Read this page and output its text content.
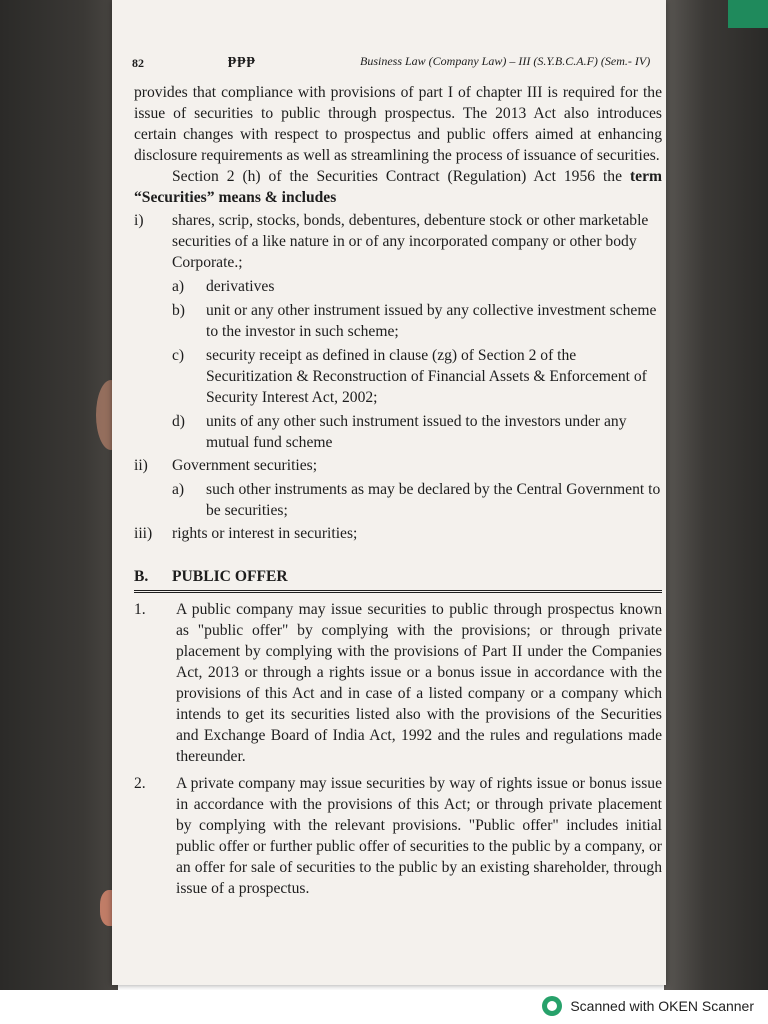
82	ᵽᵽᵽ	Business Law (Company Law) – III (S.Y.B.C.A.F) (Sem.- IV)

provides that compliance with provisions of part I of chapter III is required for the issue of securities to public through prospectus. The 2013 Act also introduces certain changes with respect to prospectus and public offers aimed at enhancing disclosure requirements as well as streamlining the process of issuance of securities.

Section 2 (h) of the Securities Contract (Regulation) Act 1956 the term “Securities” means & includes

i)	shares, scrip, stocks, bonds, debentures, debenture stock or other marketable securities of a like nature in or of any incorporated company or other body Corporate.;
a)	derivatives
b)	unit or any other instrument issued by any collective investment scheme to the investor in such scheme;
c)	security receipt as defined in clause (zg) of Section 2 of the Securitization & Reconstruction of Financial Assets & Enforcement of Security Interest Act, 2002;
d)	units of any other such instrument issued to the investors under any mutual fund scheme
ii)	Government securities;
a)	such other instruments as may be declared by the Central Government to be securities;
iii)	rights or interest in securities;
B.	PUBLIC OFFER
1.	A public company may issue securities to public through prospectus known as "public offer" by complying with the provisions; or through private placement by complying with the provisions of Part II under the Companies Act, 2013 or through a rights issue or a bonus issue in accordance with the provisions of this Act and in case of a listed company or a company which intends to get its securities listed also with the provisions of the Securities and Exchange Board of India Act, 1992 and the rules and regulations made thereunder.
2.	A private company may issue securities by way of rights issue or bonus issue in accordance with the provisions of this Act; or through private placement by complying with the relevant provisions. "Public offer" includes initial public offer or further public offer of securities to the public by a company, or an offer for sale of securities to the public by an existing shareholder, through issue of a prospectus.
Scanned with OKEN Scanner
